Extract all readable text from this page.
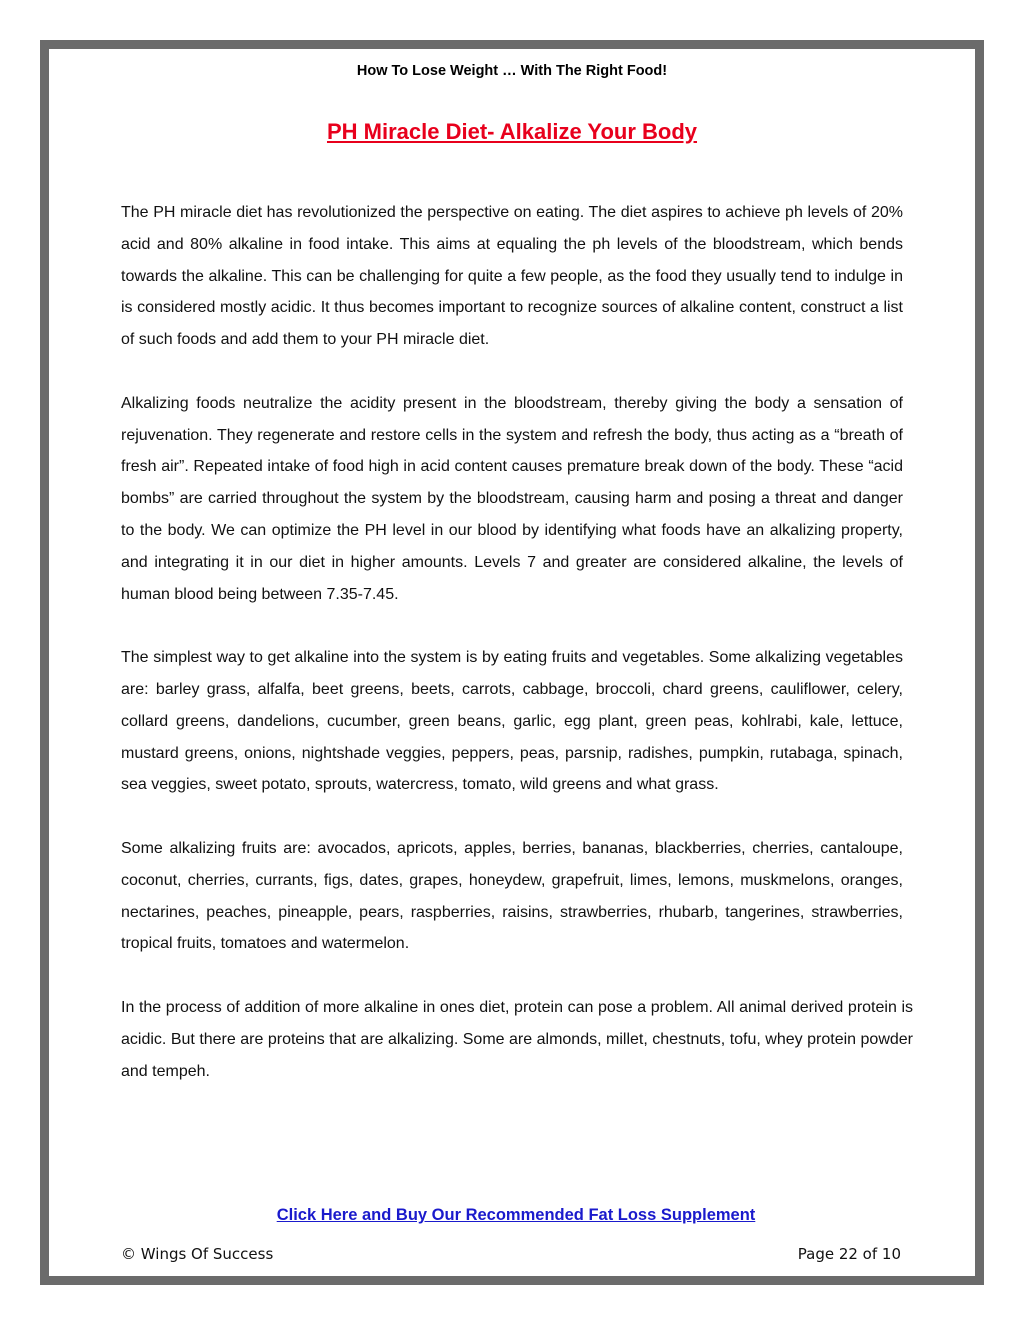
How To Lose Weight … With The Right Food!
PH Miracle Diet- Alkalize Your Body

The PH miracle diet has revolutionized the perspective on eating. The diet aspires to achieve ph levels of 20% acid and 80% alkaline in food intake. This aims at equaling the ph levels of the bloodstream, which bends towards the alkaline. This can be challenging for quite a few people, as the food they usually tend to indulge in is considered mostly acidic. It thus becomes important to recognize sources of alkaline content, construct a list of such foods and add them to your PH miracle diet.

Alkalizing foods neutralize the acidity present in the bloodstream, thereby giving the body a sensation of rejuvenation. They regenerate and restore cells in the system and refresh the body, thus acting as a “breath of fresh air”. Repeated intake of food high in acid content causes premature break down of the body. These “acid bombs” are carried throughout the system by the bloodstream, causing harm and posing a threat and danger to the body. We can optimize the PH level in our blood by identifying what foods have an alkalizing property, and integrating it in our diet in higher amounts. Levels 7 and greater are considered alkaline, the levels of human blood being between 7.35-7.45.

The simplest way to get alkaline into the system is by eating fruits and vegetables. Some alkalizing vegetables are: barley grass, alfalfa, beet greens, beets, carrots, cabbage, broccoli, chard greens, cauliflower, celery, collard greens, dandelions, cucumber, green beans, garlic, egg plant, green peas, kohlrabi, kale, lettuce, mustard greens, onions, nightshade veggies, peppers, peas, parsnip, radishes, pumpkin, rutabaga, spinach, sea veggies, sweet potato, sprouts, watercress, tomato, wild greens and what grass.

Some alkalizing fruits are: avocados, apricots, apples, berries, bananas, blackberries, cherries, cantaloupe, coconut, cherries, currants, figs, dates, grapes, honeydew, grapefruit, limes, lemons, muskmelons, oranges, nectarines, peaches, pineapple, pears, raspberries, raisins, strawberries, rhubarb, tangerines, strawberries, tropical fruits, tomatoes and watermelon.

In the process of addition of more alkaline in ones diet, protein can pose a problem. All animal derived protein is acidic. But there are proteins that are alkalizing. Some are almonds, millet, chestnuts, tofu, whey protein powder and tempeh.

Click Here and Buy Our Recommended Fat Loss Supplement
© Wings Of Success	Page 22 of 10
